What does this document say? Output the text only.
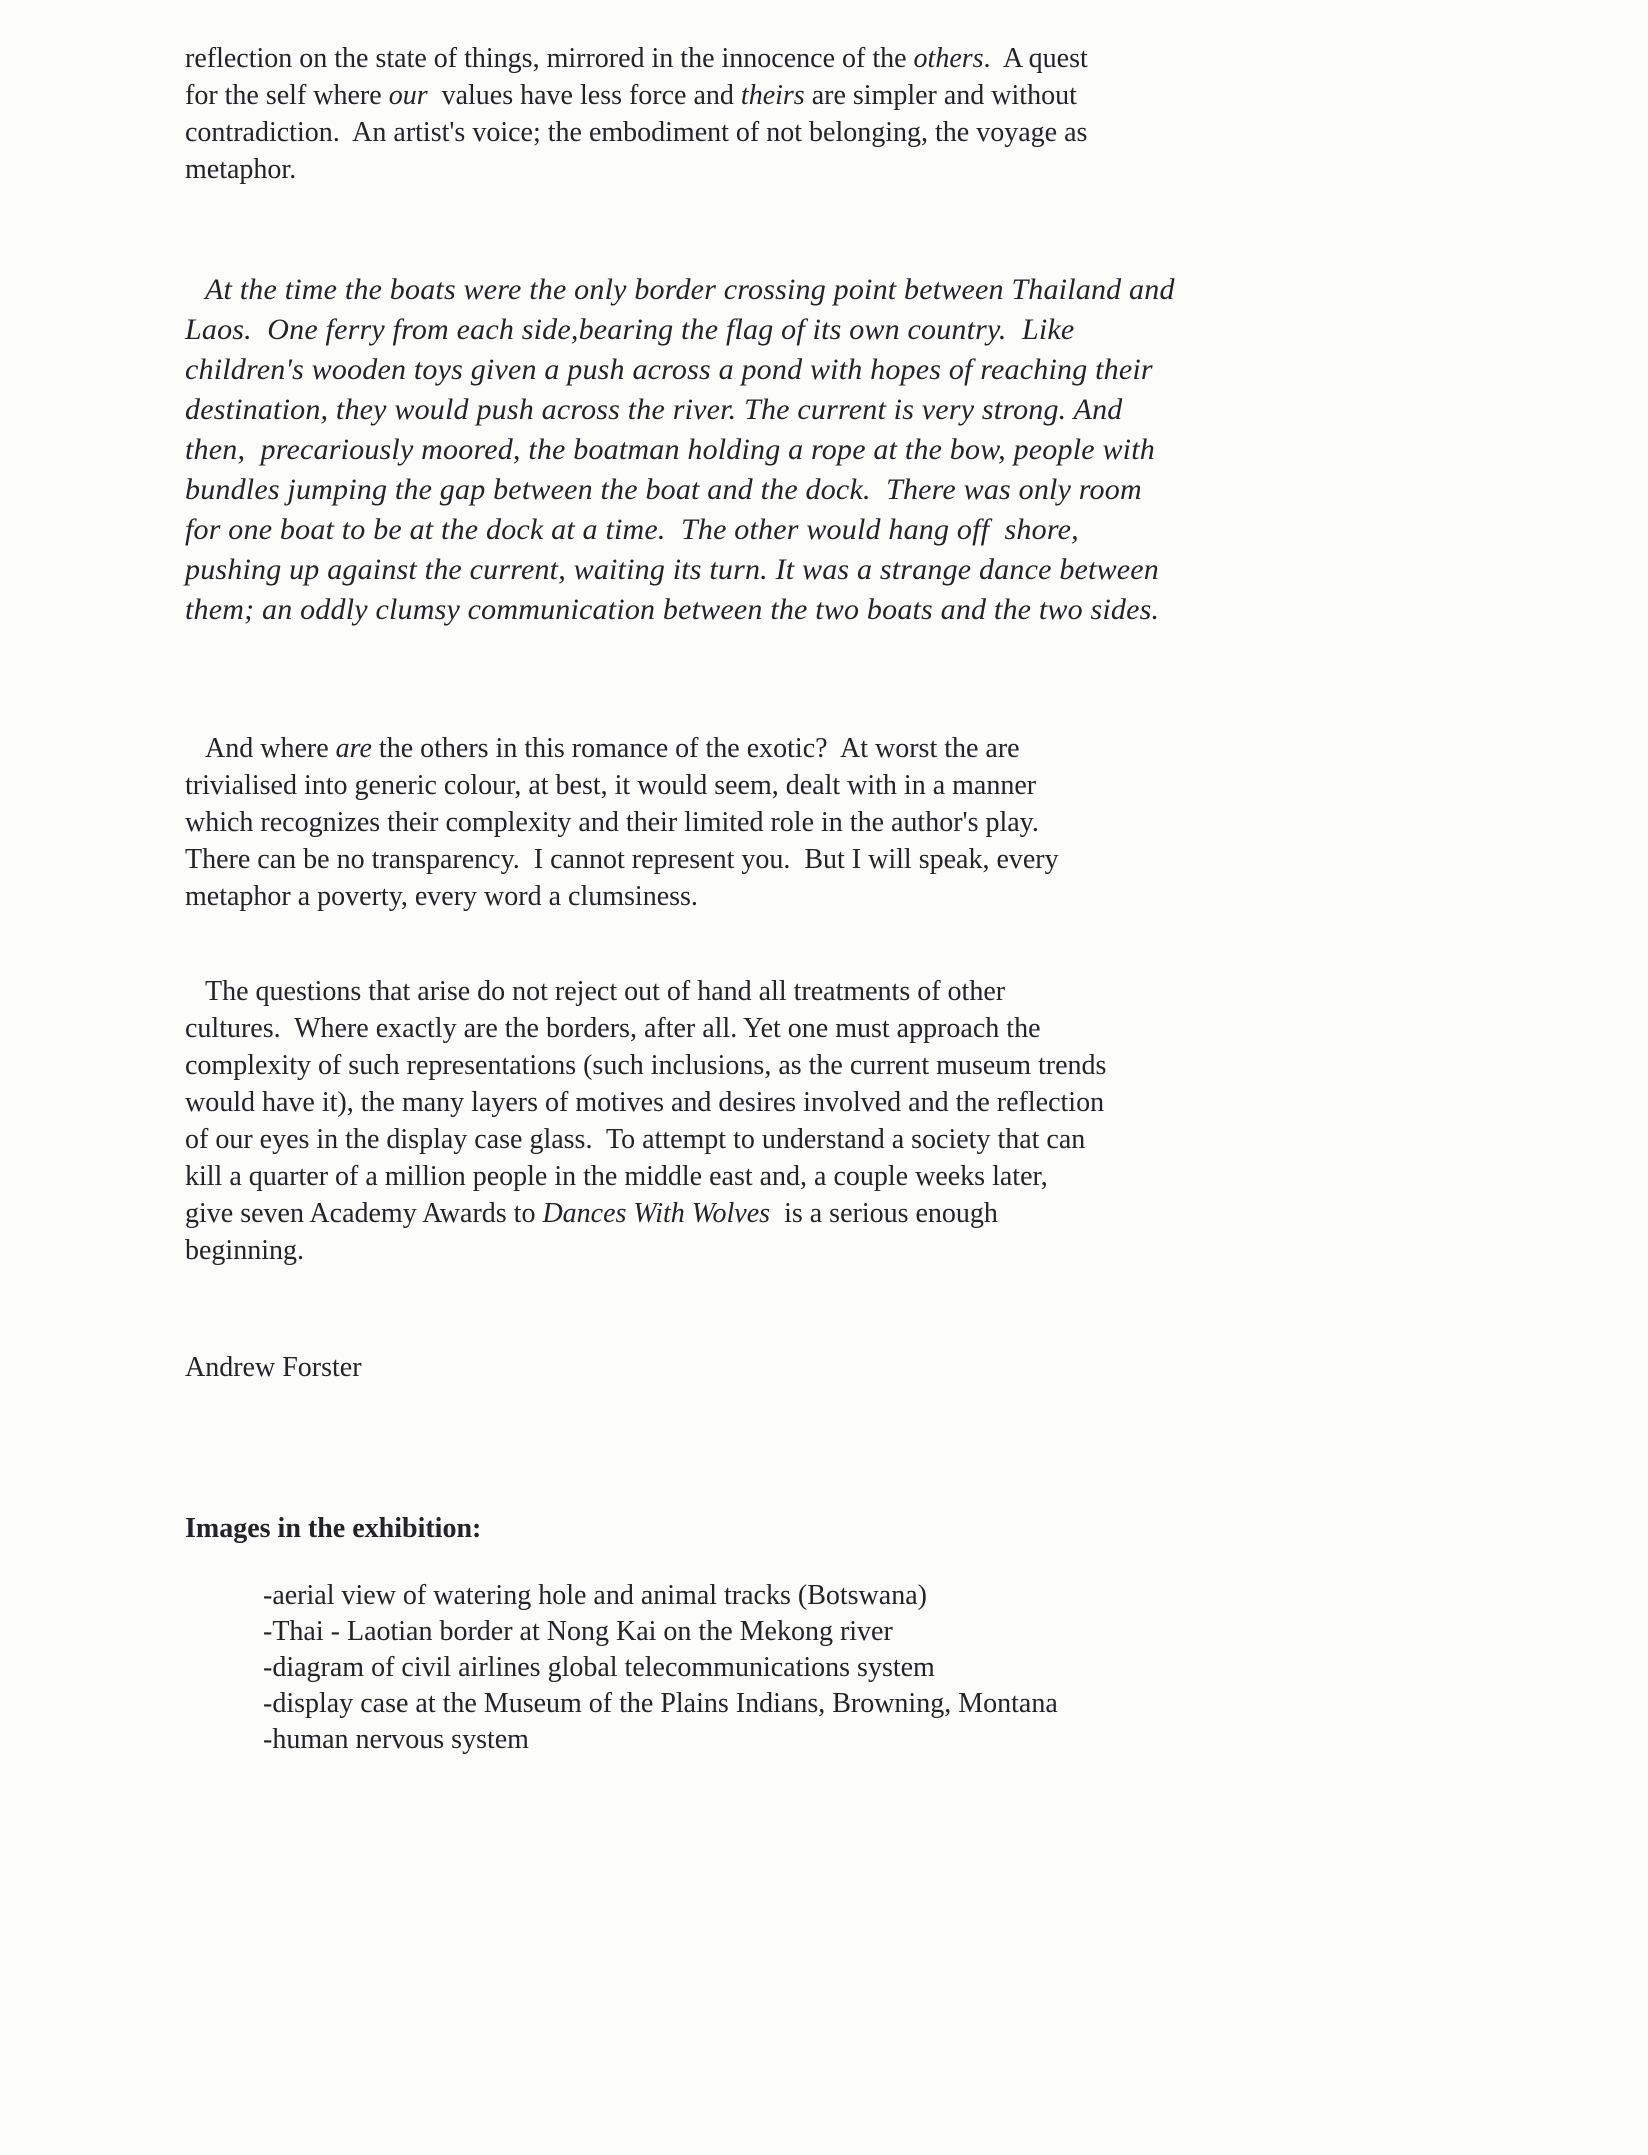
reflection on the state of things, mirrored in the innocence of the others.  A quest
for the self where our  values have less force and theirs are simpler and without
contradiction.  An artist's voice; the embodiment of not belonging, the voyage as
metaphor.
At the time the boats were the only border crossing point between Thailand and
Laos.  One ferry from each side,bearing the flag of its own country.  Like
children's wooden toys given a push across a pond with hopes of reaching their
destination, they would push across the river. The current is very strong. And
then,  precariously moored, the boatman holding a rope at the bow, people with
bundles jumping the gap between the boat and the dock.  There was only room
for one boat to be at the dock at a time.  The other would hang off  shore,
pushing up against the current, waiting its turn. It was a strange dance between
them; an oddly clumsy communication between the two boats and the two sides.
And where are the others in this romance of the exotic?  At worst the are
trivialised into generic colour, at best, it would seem, dealt with in a manner
which recognizes their complexity and their limited role in the author's play.
There can be no transparency.  I cannot represent you.  But I will speak, every
metaphor a poverty, every word a clumsiness.
The questions that arise do not reject out of hand all treatments of other
cultures.  Where exactly are the borders, after all. Yet one must approach the
complexity of such representations (such inclusions, as the current museum trends
would have it), the many layers of motives and desires involved and the reflection
of our eyes in the display case glass.  To attempt to understand a society that can
kill a quarter of a million people in the middle east and, a couple weeks later,
give seven Academy Awards to Dances With Wolves  is a serious enough
beginning.
Andrew Forster
Images in the exhibition:
-aerial view of watering hole and animal tracks (Botswana)
-Thai - Laotian border at Nong Kai on the Mekong river
-diagram of civil airlines global telecommunications system
-display case at the Museum of the Plains Indians, Browning, Montana
-human nervous system
